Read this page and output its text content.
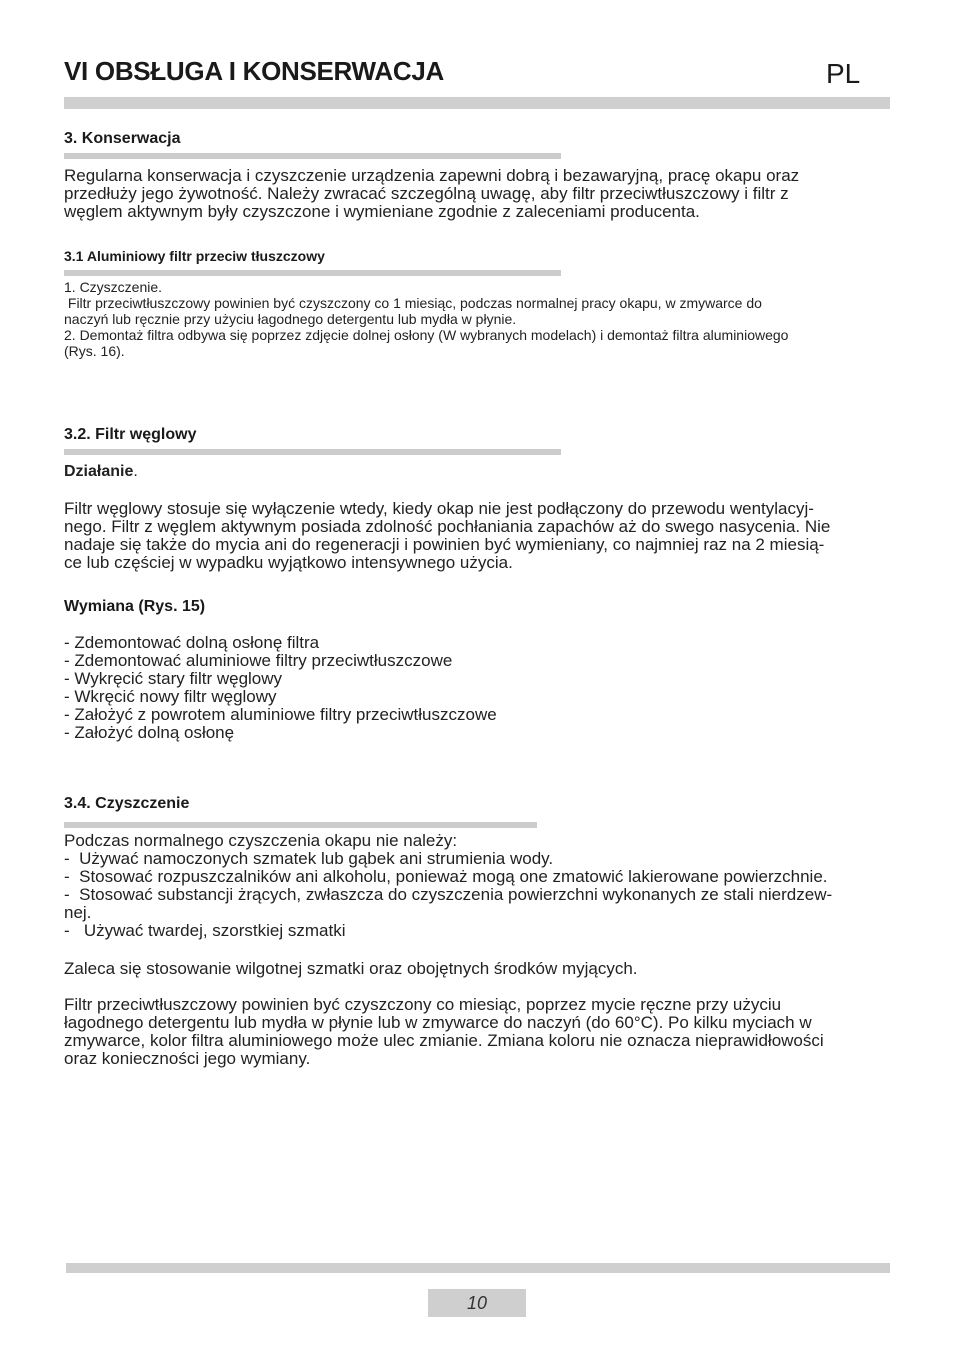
VI OBSŁUGA I KONSERWACJA	PL
3. Konserwacja
Regularna konserwacja i czyszczenie urządzenia zapewni dobrą i bezawaryjną, pracę okapu oraz
przedłuży jego żywotność. Należy zwracać szczególną uwagę, aby filtr przeciwtłuszczowy i filtr z
węglem aktywnym były czyszczone i wymieniane zgodnie z zaleceniami producenta.
3.1 Aluminiowy filtr przeciw tłuszczowy
1. Czyszczenie.
Filtr przeciwtłuszczowy powinien być czyszczony co 1 miesiąc, podczas normalnej pracy okapu, w zmywarce do
naczyń lub ręcznie przy użyciu łagodnego detergentu lub mydła w płynie.
2. Demontaż filtra odbywa się poprzez zdjęcie dolnej osłony (W wybranych modelach) i demontaż filtra aluminiowego
(Rys. 16).
3.2. Filtr węglowy
Działanie.
Filtr węglowy stosuje się wyłączenie wtedy, kiedy okap nie jest podłączony do przewodu wentylacyj-
nego. Filtr z węglem aktywnym posiada zdolność pochłaniania zapachów aż do swego nasycenia. Nie
nadaje się także do mycia ani do regeneracji i powinien być wymieniany, co najmniej raz na 2 miesią-
ce lub częściej w wypadku wyjątkowo intensywnego użycia.
Wymiana (Rys. 15)
- Zdemontować dolną osłonę filtra
- Zdemontować aluminiowe filtry przeciwtłuszczowe
- Wykręcić stary filtr węglowy
- Wkręcić nowy filtr węglowy
- Założyć z powrotem aluminiowe filtry przeciwtłuszczowe
- Założyć dolną osłonę
3.4. Czyszczenie
Podczas normalnego czyszczenia okapu nie należy:
-  Używać namoczonych szmatek lub gąbek ani strumienia wody.
-  Stosować rozpuszczalników ani alkoholu, ponieważ mogą one zmatowić lakierowane powierzchnie.
-  Stosować substancji żrących, zwłaszcza do czyszczenia powierzchni wykonanych ze stali nierdzew-
nej.
-   Używać twardej, szorstkiej szmatki
Zaleca się stosowanie wilgotnej szmatki oraz obojętnych środków myjących.
Filtr przeciwtłuszczowy powinien być czyszczony co miesiąc, poprzez mycie ręczne przy użyciu
łagodnego detergentu lub mydła w płynie lub w zmywarce do naczyń (do 60°C). Po kilku myciach w
zmywarce, kolor filtra aluminiowego może ulec zmianie. Zmiana koloru nie oznacza nieprawidłowości
oraz konieczności jego wymiany.
10
